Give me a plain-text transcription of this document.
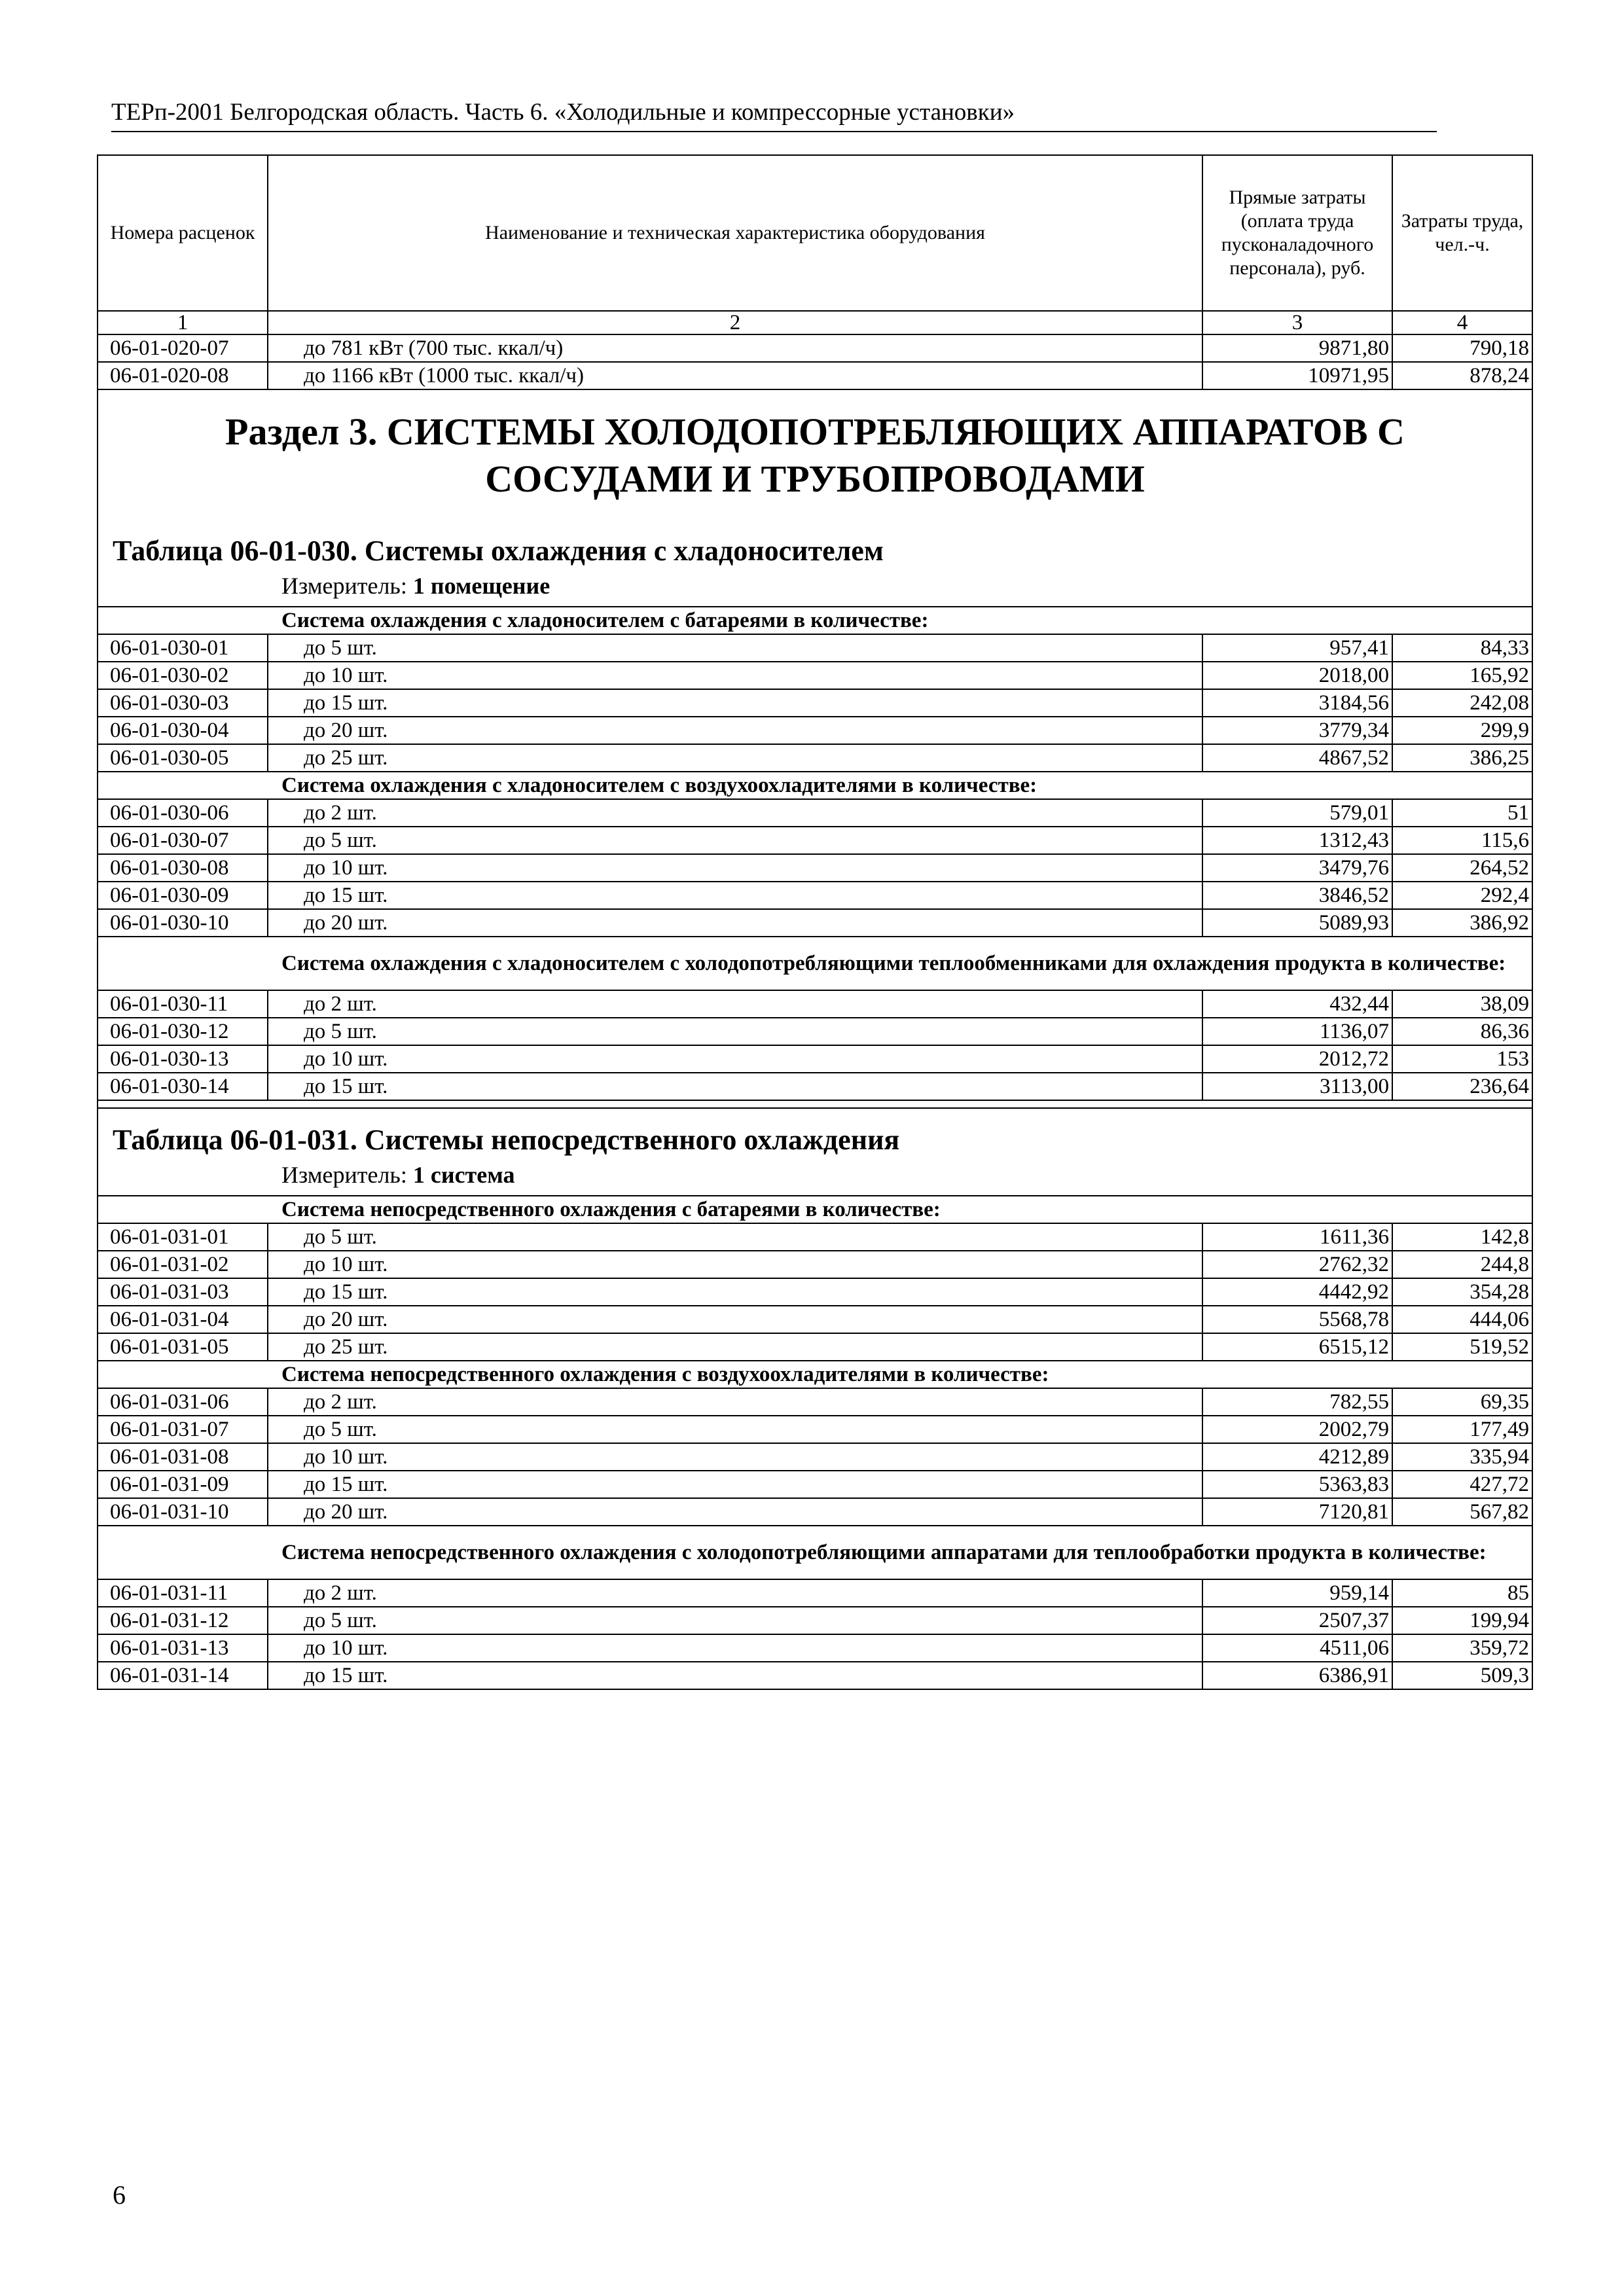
ТЕРп-2001 Белгородская область. Часть 6. «Холодильные и компрессорные установки»
Номера расценок	Наименование и техническая характеристика оборудования	Прямые затраты (оплата труда пусконаладочного персонала), руб.	Затраты труда, чел.-ч.
1	2	3	4
06-01-020-07	до 781 кВт (700 тыс. ккал/ч)	9871,80	790,18
06-01-020-08	до 1166 кВт (1000 тыс. ккал/ч)	10971,95	878,24

Раздел 3. СИСТЕМЫ ХОЛОДОПОТРЕБЛЯЮЩИХ АППАРАТОВ С
СОСУДАМИ И ТРУБОПРОВОДАМИ
Таблица 06-01-030. Системы охлаждения с хладоносителем
Измеритель: 1 помещение			

Система охлаждения с хладоносителем с батареями в количестве:			
06-01-030-01	до 5 шт.	957,41	84,33
06-01-030-02	до 10 шт.	2018,00	165,92
06-01-030-03	до 15 шт.	3184,56	242,08
06-01-030-04	до 20 шт.	3779,34	299,9
06-01-030-05	до 25 шт.	4867,52	386,25
Система охлаждения с хладоносителем с воздухоохладителями в количестве:			
06-01-030-06	до 2 шт.	579,01	51
06-01-030-07	до 5 шт.	1312,43	115,6
06-01-030-08	до 10 шт.	3479,76	264,52
06-01-030-09	до 15 шт.	3846,52	292,4
06-01-030-10	до 20 шт.	5089,93	386,92
Система охлаждения с хладоносителем с холодопотребляющими теплообменниками для охлаждения продукта в количестве:			
06-01-030-11	до 2 шт.	432,44	38,09
06-01-030-12	до 5 шт.	1136,07	86,36
06-01-030-13	до 10 шт.	2012,72	153
06-01-030-14	до 15 шт.	3113,00	236,64

Таблица 06-01-031. Системы непосредственного охлаждения
Измеритель: 1 система			

Система непосредственного охлаждения с батареями в количестве:			
06-01-031-01	до 5 шт.	1611,36	142,8
06-01-031-02	до 10 шт.	2762,32	244,8
06-01-031-03	до 15 шт.	4442,92	354,28
06-01-031-04	до 20 шт.	5568,78	444,06
06-01-031-05	до 25 шт.	6515,12	519,52
Система непосредственного охлаждения с воздухоохладителями в количестве:			
06-01-031-06	до 2 шт.	782,55	69,35
06-01-031-07	до 5 шт.	2002,79	177,49
06-01-031-08	до 10 шт.	4212,89	335,94
06-01-031-09	до 15 шт.	5363,83	427,72
06-01-031-10	до 20 шт.	7120,81	567,82
Система непосредственного охлаждения с холодопотребляющими аппаратами для теплообработки продукта в количестве:			
06-01-031-11	до 2 шт.	959,14	85
06-01-031-12	до 5 шт.	2507,37	199,94
06-01-031-13	до 10 шт.	4511,06	359,72
06-01-031-14	до 15 шт.	6386,91	509,3
6
